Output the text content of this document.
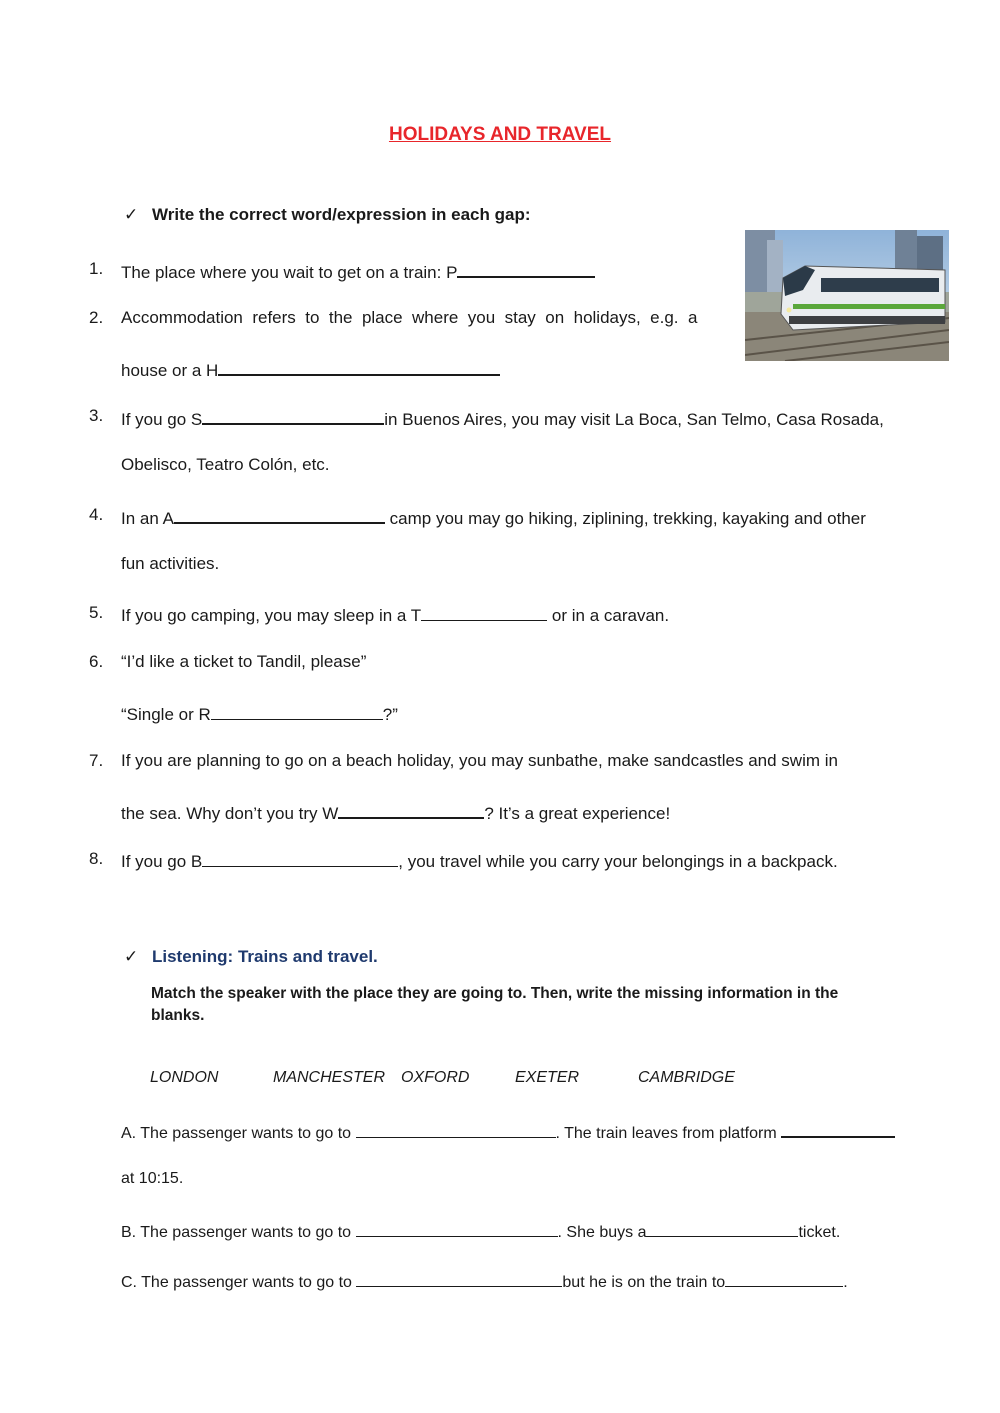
HOLIDAYS AND TRAVEL
✓ Write the correct word/expression in each gap:
1. The place where you wait to get on a train: P
2. Accommodation  refers  to  the  place  where  you  stay  on  holidays,  e.g.  a
house or a H
3. If you go S	in Buenos Aires, you may visit La Boca, San Telmo, Casa Rosada,
Obelisco, Teatro Colón, etc.
4. In an A	camp you may go hiking, ziplining, trekking, kayaking and other
fun activities.
5. If you go camping, you may sleep in a T	or in a caravan.
6. “I’d like a ticket to Tandil, please”
“Single or R	?”
7. If you are planning to go on a beach holiday, you may sunbathe, make sandcastles and swim in
the sea. Why don’t you try W	? It’s a great experience!
8. If you go B	, you travel while you carry your belongings in a backpack.
✓ Listening: Trains and travel.
Match the speaker with the place they are going to. Then, write the missing information in the blanks.
LONDON	MANCHESTER OXFORD	EXETER	CAMBRIDGE
A. The passenger wants to go to	. The train leaves from platform
at 10:15.
B. The passenger wants to go to	. She buys a	ticket.
C. The passenger wants to go to	but he is on the train to	.
